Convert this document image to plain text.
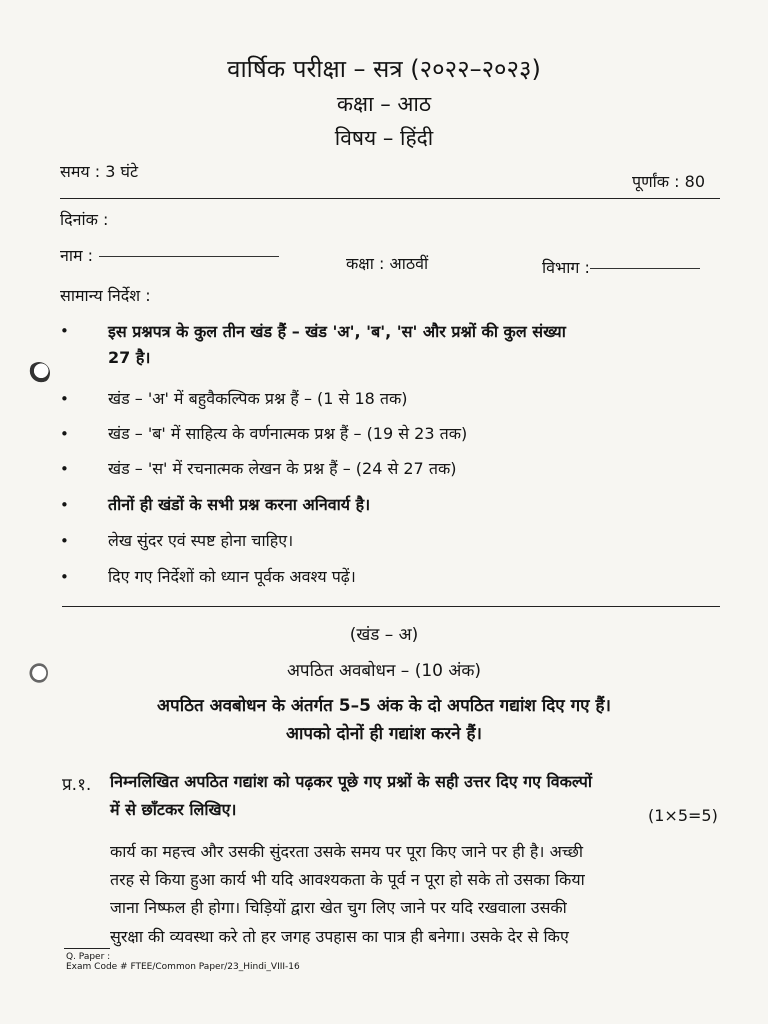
वार्षिक परीक्षा – सत्र (२०२२–२०२३)
कक्षा – आठ
विषय – हिंदी
समय : 3 घंटे
पूर्णांक : 80
दिनांक :
नाम :	कक्षा : आठवीं	विभाग :
सामान्य निर्देश :
• इस प्रश्नपत्र के कुल तीन खंड हैं – खंड 'अ', 'ब', 'स' और प्रश्नों की कुल संख्या
27 है।
• खंड – 'अ' में बहुवैकल्पिक प्रश्न हैं – (1 से 18 तक)
• खंड – 'ब' में साहित्य के वर्णनात्मक प्रश्न हैं – (19 से 23 तक)
• खंड – 'स' में रचनात्मक लेखन के प्रश्न हैं – (24 से 27 तक)
• तीनों ही खंडों के सभी प्रश्न करना अनिवार्य है।
• लेख सुंदर एवं स्पष्ट होना चाहिए।
• दिए गए निर्देशों को ध्यान पूर्वक अवश्य पढ़ें।
(खंड – अ)
अपठित अवबोधन – (10 अंक)
अपठित अवबोधन के अंतर्गत 5–5 अंक के दो अपठित गद्यांश दिए गए हैं।
आपको दोनों ही गद्यांश करने हैं।
प्र.१. निम्नलिखित अपठित गद्यांश को पढ़कर पूछे गए प्रश्नों के सही उत्तर दिए गए विकल्पों
में से छाँटकर लिखिए।	(1×5=5)
कार्य का महत्त्व और उसकी सुंदरता उसके समय पर पूरा किए जाने पर ही है। अच्छी
तरह से किया हुआ कार्य भी यदि आवश्यकता के पूर्व न पूरा हो सके तो उसका किया
जाना निष्फल ही होगा। चिड़ियों द्वारा खेत चुग लिए जाने पर यदि रखवाला उसकी
सुरक्षा की व्यवस्था करे तो हर जगह उपहास का पात्र ही बनेगा। उसके देर से किए
Q. Paper :
Exam Code # FTEE/Common Paper/23_Hindi_VIII-16
